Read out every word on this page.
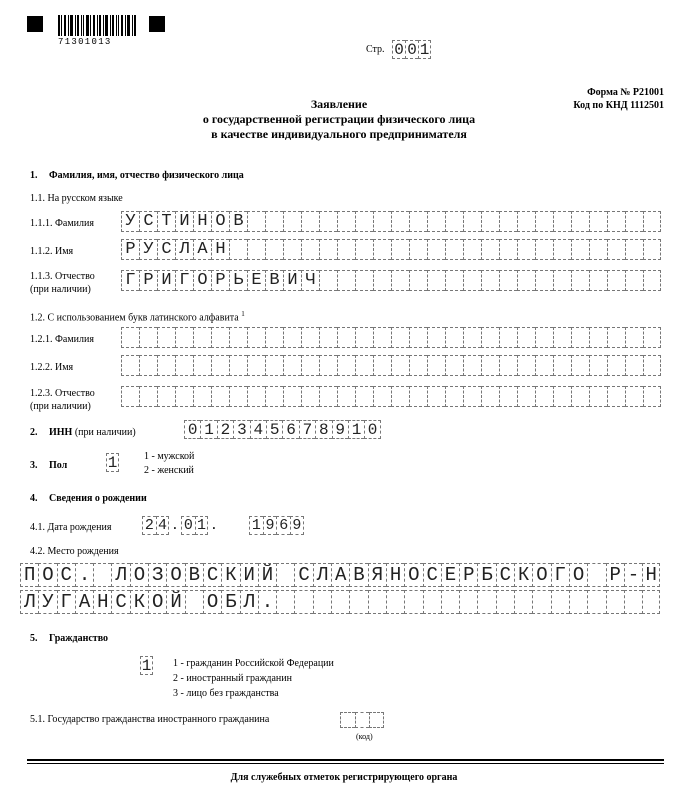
71301013
Стр. 0 0 1
Форма № Р21001
Код по КНД 1112501
Заявление
о государственной регистрации физического лица
в качестве индивидуального предпринимателя
1. Фамилия, имя, отчество физического лица
1.1. На русском языке
1.1.1. Фамилия У С Т И Н О В
1.1.2. Имя	Р У С Л А Н
1.1.3. Отчество
(при наличии) Г Р И Г О Р Ь Е В И Ч
1.2. С использованием букв латинского алфавита $^1$
1.2.1. Фамилия
1.2.2. Имя
1.2.3. Отчество
(при наличии)
2. ИНН (при наличии)	0 1 2 3 4 5 6 7 8 9 1 0
3. Пол	1	1 - мужской
2 - женский
4. Сведения о рождении
4.1. Дата рождения 2 4 . 0 1 . 1 9 6 9
4.2. Место рождения
П О С . Л О З О В С К И Й С Л А В Я Н О С Е Р Б С К О Г О Р - Н
Л У Г А Н С К О Й О Б Л .
5. Гражданство
1 1 - гражданин Российской Федерации
2 - иностранный гражданин
3 - лицо без гражданства
5.1. Государство гражданства иностранного гражданина
(код)
Для служебных отметок регистрирующего органа
